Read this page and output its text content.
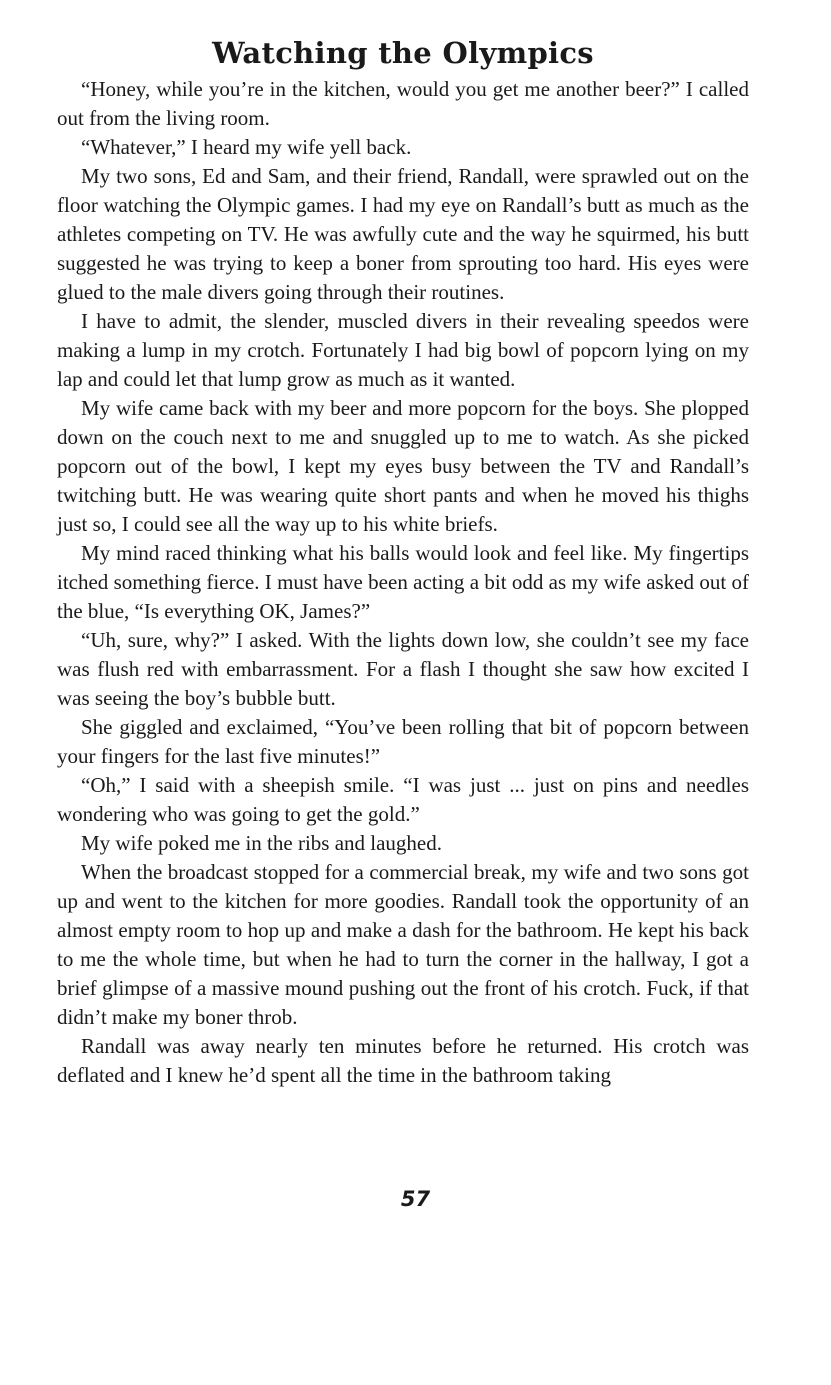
Watching the Olympics

“Honey, while you’re in the kitchen, would you get me another beer?” I called out from the living room.

“Whatever,” I heard my wife yell back.

My two sons, Ed and Sam, and their friend, Randall, were sprawled out on the floor watching the Olympic games. I had my eye on Randall’s butt as much as the athletes competing on TV. He was awfully cute and the way he squirmed, his butt suggested he was trying to keep a boner from sprouting too hard. His eyes were glued to the male divers going through their routines.

I have to admit, the slender, muscled divers in their revealing speedos were making a lump in my crotch. Fortunately I had big bowl of popcorn lying on my lap and could let that lump grow as much as it wanted.

My wife came back with my beer and more popcorn for the boys. She plopped down on the couch next to me and snuggled up to me to watch. As she picked popcorn out of the bowl, I kept my eyes busy between the TV and Randall’s twitching butt. He was wearing quite short pants and when he moved his thighs just so, I could see all the way up to his white briefs.

My mind raced thinking what his balls would look and feel like. My fingertips itched something fierce. I must have been acting a bit odd as my wife asked out of the blue, “Is everything OK, James?”

“Uh, sure, why?” I asked. With the lights down low, she couldn’t see my face was flush red with embarrassment. For a flash I thought she saw how excited I was seeing the boy’s bubble butt.

She giggled and exclaimed, “You’ve been rolling that bit of popcorn between your fingers for the last five minutes!”

“Oh,” I said with a sheepish smile. “I was just ... just on pins and needles wondering who was going to get the gold.”

My wife poked me in the ribs and laughed.

When the broadcast stopped for a commercial break, my wife and two sons got up and went to the kitchen for more goodies. Randall took the opportunity of an almost empty room to hop up and make a dash for the bathroom. He kept his back to me the whole time, but when he had to turn the corner in the hallway, I got a brief glimpse of a massive mound pushing out the front of his crotch. Fuck, if that didn’t make my boner throb.

Randall was away nearly ten minutes before he returned. His crotch was deflated and I knew he’d spent all the time in the bathroom taking

57
